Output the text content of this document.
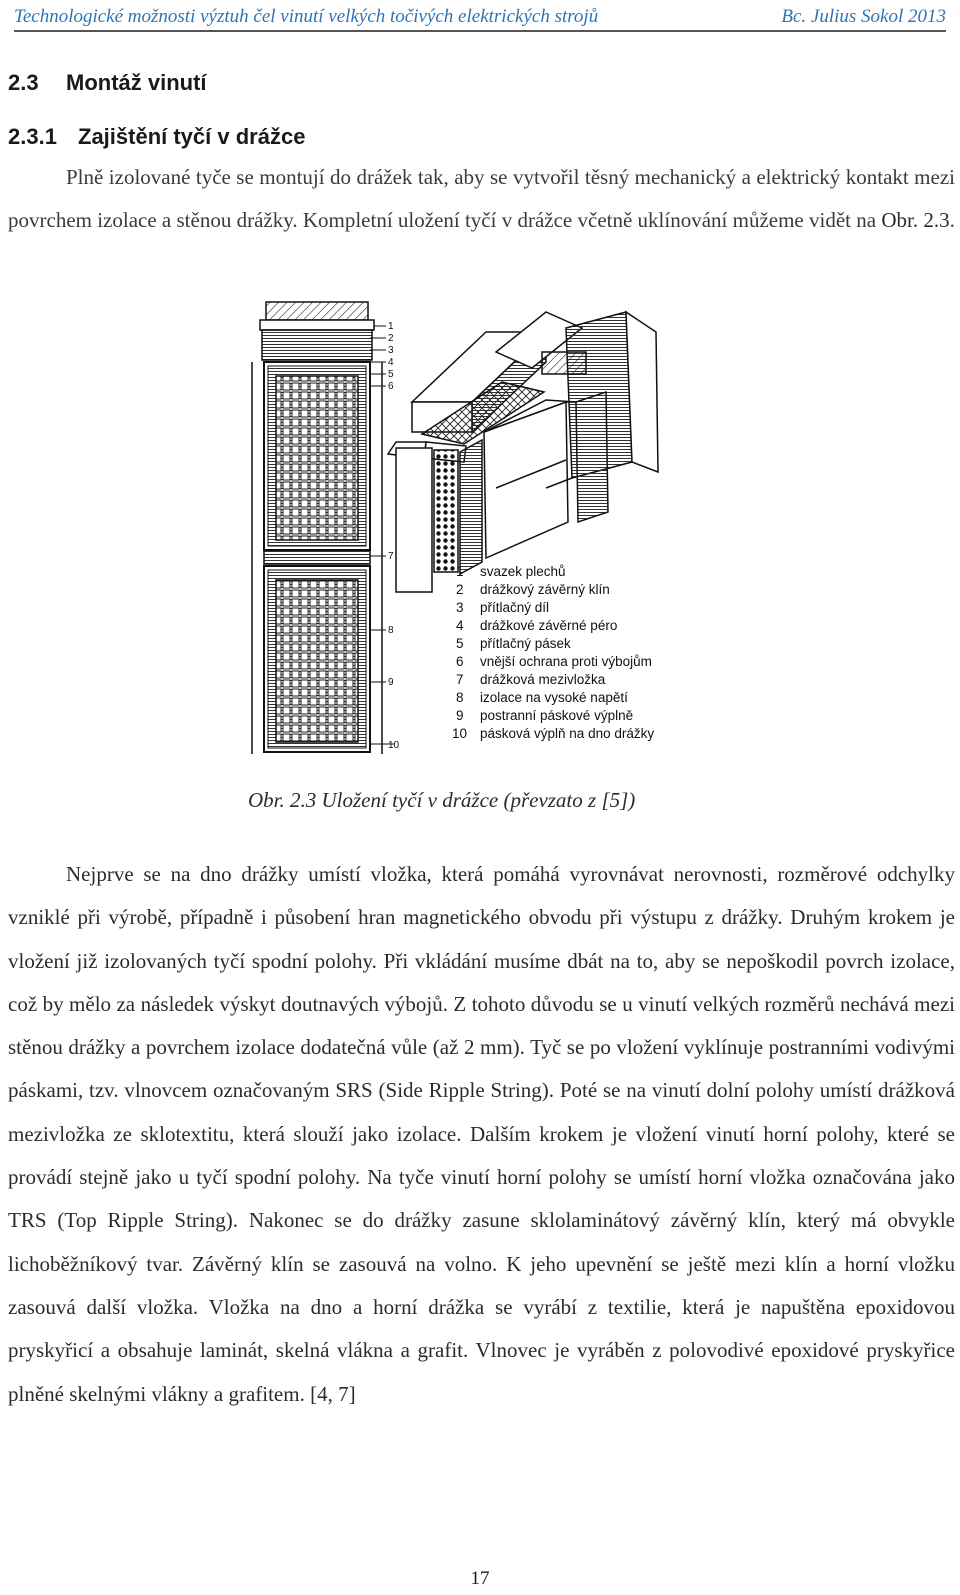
Technologické možnosti výztuh čel vinutí velkých točivých elektrických strojů	Bc. Julius Sokol 2013
2.3 Montáž vinutí
2.3.1 Zajištění tyčí v drážce

Plně izolované tyče se montují do drážek tak, aby se vytvořil těsný mechanický a elektrický kontakt mezi povrchem izolace a stěnou drážky. Kompletní uložení tyčí v drážce včetně uklínování můžeme vidět na Obr. 2.3.

1
2
3
4
5
6
7
8
9
10
1 svazek plechů
2 drážkový závěrný klín
3 přítlačný díl
4 drážkové závěrné péro
5 přítlačný pásek
6 vnější ochrana proti výbojům
7 drážková mezivložka
8 izolace na vysoké napětí
9 postranní páskové výplně
10 pásková výplň na dno drážky
Obr. 2.3 Uložení tyčí v drážce (převzato z [5])

Nejprve se na dno drážky umístí vložka, která pomáhá vyrovnávat nerovnosti, rozměrové odchylky vzniklé při výrobě, případně i působení hran magnetického obvodu při výstupu z drážky. Druhým krokem je vložení již izolovaných tyčí spodní polohy. Při vkládání musíme dbát na to, aby se nepoškodil povrch izolace, což by mělo za následek výskyt doutnavých výbojů. Z tohoto důvodu se u vinutí velkých rozměrů nechává mezi stěnou drážky a povrchem izolace dodatečná vůle (až 2 mm). Tyč se po vložení vyklínuje postranními vodivými páskami, tzv. vlnovcem označovaným SRS (Side Ripple String). Poté se na vinutí dolní polohy umístí drážková mezivložka ze sklotextitu, která slouží jako izolace. Dalším krokem je vložení vinutí horní polohy, které se provádí stejně jako u tyčí spodní polohy. Na tyče vinutí horní polohy se umístí horní vložka označována jako TRS (Top Ripple String). Nakonec se do drážky zasune sklolaminátový závěrný klín, který má obvykle lichoběžníkový tvar. Závěrný klín se zasouvá na volno. K jeho upevnění se ještě mezi klín a horní vložku zasouvá další vložka. Vložka na dno a horní drážka se vyrábí z textilie, která je napuštěna epoxidovou pryskyřicí a obsahuje laminát, skelná vlákna a grafit. Vlnovec je vyráběn z polovodivé epoxidové pryskyřice plněné skelnými vlákny a grafitem. [4, 7]

17
